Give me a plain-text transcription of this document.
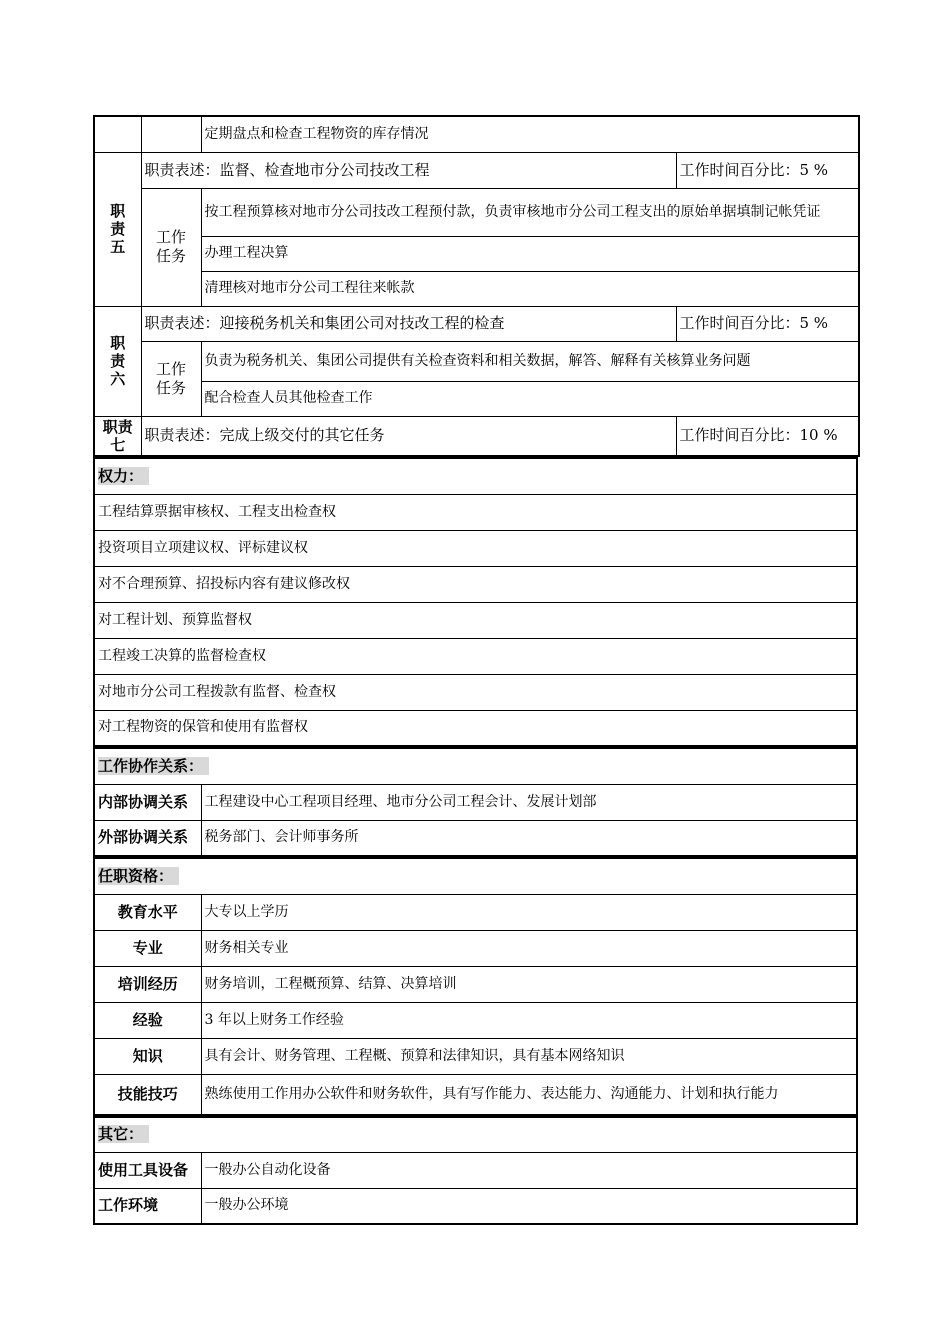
		定期盘点和检查工程物资的库存情况	
职
责
五	职责表述：监督、检查地市分公司技改工程		工作时间百分比：5 %
	工作
任务	按工程预算核对地市分公司技改工程预付款，负责审核地市分公司工程支出的原始单据填制记帐凭证	
		办理工程决算	
		清理核对地市分公司工程往来帐款	
职
责
六	职责表述：迎接税务机关和集团公司对技改工程的检查		工作时间百分比：5 %
	工作
任务	负责为税务机关、集团公司提供有关检查资料和相关数据，解答、解释有关核算业务问题	
		配合检查人员其他检查工作	
职责
七	职责表述：完成上级交付的其它任务		工作时间百分比：10 %
权力：
工程结算票据审核权、工程支出检查权
投资项目立项建议权、评标建议权
对不合理预算、招投标内容有建议修改权
对工程计划、预算监督权
工程竣工决算的监督检查权
对地市分公司工程拨款有监督、检查权
对工程物资的保管和使用有监督权
工作协作关系：	
内部协调关系	工程建设中心工程项目经理、地市分公司工程会计、发展计划部
外部协调关系	税务部门、会计师事务所
任职资格：	
教育水平	大专以上学历
专业	财务相关专业
培训经历	财务培训，工程概预算、结算、决算培训
经验	3 年以上财务工作经验
知识	具有会计、财务管理、工程概、预算和法律知识，具有基本网络知识
技能技巧	熟练使用工作用办公软件和财务软件，具有写作能力、表达能力、沟通能力、计划和执行能力
其它：	
使用工具设备	一般办公自动化设备
工作环境	一般办公环境
